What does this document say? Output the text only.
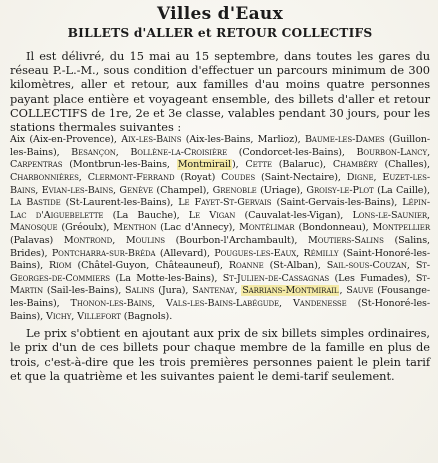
Villes d'Eaux
BILLETS d'ALLER et RETOUR COLLECTIFS

Il est délivré, du 15 mai au 15 septembre, dans toutes les gares du réseau P.-L.-M., sous condition d'effectuer un parcours minimum de 300 kilomètres, aller et retour, aux familles d'au moins quatre personnes payant place entière et voyageant ensemble, des billets d'aller et retour COLLECTIFS de 1re, 2e et 3e classe, valables pendant 30 jours, pour les stations thermales suivantes :

Aix (Aix-en-Provence), Aix-les-Bains (Aix-les-Bains, Marlioz), Baume-les-Dames (Guillon-les-Bains), Besançon, Bollène-la-Croisière (Condorcet-les-Bains), Bourbon-Lancy, Carpentras (Montbrun-les-Bains, Montmirail), Cette (Balaruc), Chambéry (Challes), Charbonnières, Clermont-Ferrand (Royat) Coudes (Saint-Nectaire), Digne, Euzet-les-Bains, Evian-les-Bains, Genève (Champel), Grenoble (Uriage), Groisy-le-Plot (La Caille), La Bastide (St-Laurent-les-Bains), Le Fayet-St-Gervais (Saint-Gervais-les-Bains), Lépin-Lac d'Aiguebelette (La Bauche), Le Vigan (Cauvalat-les-Vigan), Lons-le-Saunier, Manosque (Gréoulx), Menthon (Lac d'Annecy), Montélimar (Bondonneau), Montpellier (Palavas) Montrond, Moulins (Bourbon-l'Archambault), Moutiers-Salins (Salins, Brides), Pontcharra-sur-Bréda (Allevard), Pougues-les-Eaux, Rémilly (Saint-Honoré-les-Bains), Riom (Châtel-Guyon, Châteauneuf), Roanne (St-Alban), Sail-sous-Couzan, St-Georges-de-Commiers (La Motte-les-Bains), St-Julien-de-Cassagnas (Les Fumades), St-Martin (Sail-les-Bains), Salins (Jura), Santenay, Sarrians-Montmirail, Sauve (Fousange-les-Bains), Thonon-les-Bains, Vals-les-Bains-Labégude, Vandenesse (St-Honoré-les-Bains), Vichy, Villefort (Bagnols).

Le prix s'obtient en ajoutant aux prix de six billets simples ordinaires, le prix d'un de ces billets pour chaque membre de la famille en plus de trois, c'est-à-dire que les trois premières personnes paient le plein tarif et que la quatrième et les suivantes paient le demi-tarif seulement.
